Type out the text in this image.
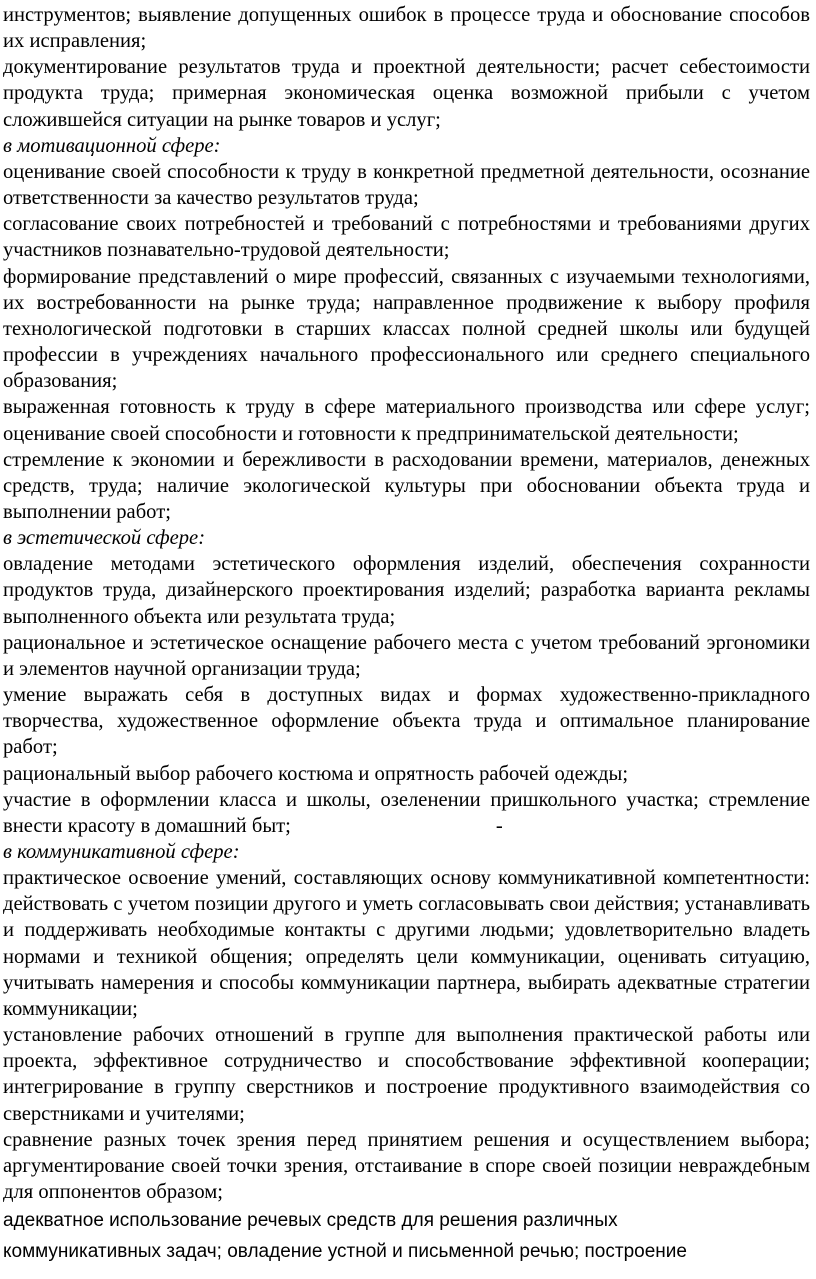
инструментов; выявление допущенных ошибок в процессе труда и обоснование способов их исправления;

документирование результатов труда и проектной деятельности; расчет себестоимости продукта труда; примерная экономическая оценка возможной прибыли с учетом сложившейся ситуации на рынке товаров и услуг;

в мотивационной сфере:

оценивание своей способности к труду в конкретной предметной деятельности, осознание ответственности за качество результатов труда;

согласование своих потребностей и требований с потребностями и требованиями других участников познавательно-трудовой деятельности;

формирование представлений о мире профессий, связанных с изучаемыми технологиями, их востребованности на рынке труда; направленное продвижение к выбору профиля технологической подготовки в старших классах полной средней школы или будущей профессии в учреждениях начального профессионального или среднего специального образования;

выраженная готовность к труду в сфере материального производства или сфере услуг; оценивание своей способности и готовности к предпринимательской деятельности;

стремление к экономии и бережливости в расходовании времени, материалов, денежных средств, труда; наличие экологической культуры при обосновании объекта труда и выполнении работ;

в эстетической сфере:

овладение методами эстетического оформления изделий, обеспечения сохранности продуктов труда, дизайнерского проектирования изделий; разработка варианта рекламы выполненного объекта или результата труда;

рациональное и эстетическое оснащение рабочего места с учетом требований эргономики и элементов научной организации труда;

умение выражать себя в доступных видах и формах художественно-прикладного творчества, художественное оформление объекта труда и оптимальное планирование работ;

рациональный выбор рабочего костюма и опрятность рабочей одежды;

участие в оформлении класса и школы, озеленении пришкольного участка; стремление внести красоту в домашний быт;	-

в коммуникативной сфере:

практическое освоение умений, составляющих основу коммуникативной компетентности: действовать с учетом позиции другого и уметь согласовывать свои действия; устанавливать и поддерживать необходимые контакты с другими людьми; удовлетворительно владеть нормами и техникой общения; определять цели коммуникации, оценивать ситуацию, учитывать намерения и способы коммуникации партнера, выбирать адекватные стратегии коммуникации;

установление рабочих отношений в группе для выполнения практической работы или проекта, эффективное сотрудничество и способствование эффективной кооперации; интегрирование в группу сверстников и построение продуктивного взаимодействия со сверстниками и учителями;

сравнение разных точек зрения перед принятием решения и осуществлением выбора; аргументирование своей точки зрения, отстаивание в споре своей позиции невраждебным для оппонентов образом;

адекватное использование речевых средств для решения различных

коммуникативных задач; овладение устной и письменной речью; построение
